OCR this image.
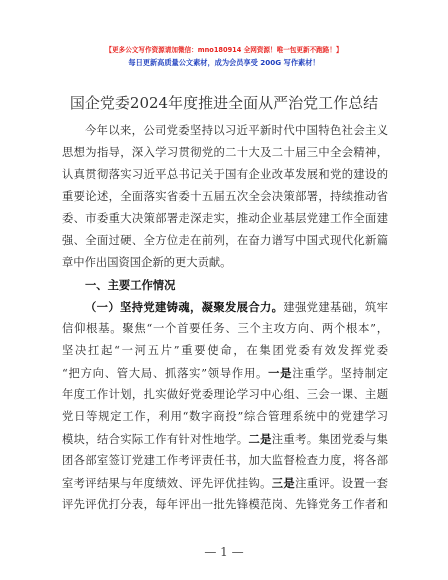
【更多公文写作资源请加微信：mno180914 全网资源！唯一包更新不跑路！】
每日更新高质量公文素材，成为会员享受 200G 写作素材！
国企党委2024年度推进全面从严治党工作总结
今年以来，公司党委坚持以习近平新时代中国特色社会主义
思想为指导，深入学习贯彻党的二十大及二十届三中全会精神，
认真贯彻落实习近平总书记关于国有企业改革发展和党的建设的
重要论述，全面落实省委十五届五次全会决策部署，持续推动省
委、市委重大决策部署走深走实，推动企业基层党建工作全面建
强、全面过硬、全方位走在前列，在奋力谱写中国式现代化新篇
章中作出国资国企新的更大贡献。
一、主要工作情况
（一）坚持党建铸魂，凝聚发展合力。建强党建基础，筑牢
信仰根基。聚焦“一个首要任务、三个主攻方向、两个根本”，
坚决扛起“一河五片”重要使命，在集团党委有效发挥党委
“把方向、管大局、抓落实”领导作用。一是注重学。坚持制定
年度工作计划，扎实做好党委理论学习中心组、三会一课、主题
党日等规定工作，利用“数字商投”综合管理系统中的党建学习
模块，结合实际工作有针对性地学。二是注重考。集团党委与集
团各部室签订党建工作考评责任书，加大监督检查力度，将各部
室考评结果与年度绩效、评先评优挂钩。三是注重评。设置一套
评先评优打分表，每年评出一批先锋模范岗、先锋党务工作者和
— 1 —
